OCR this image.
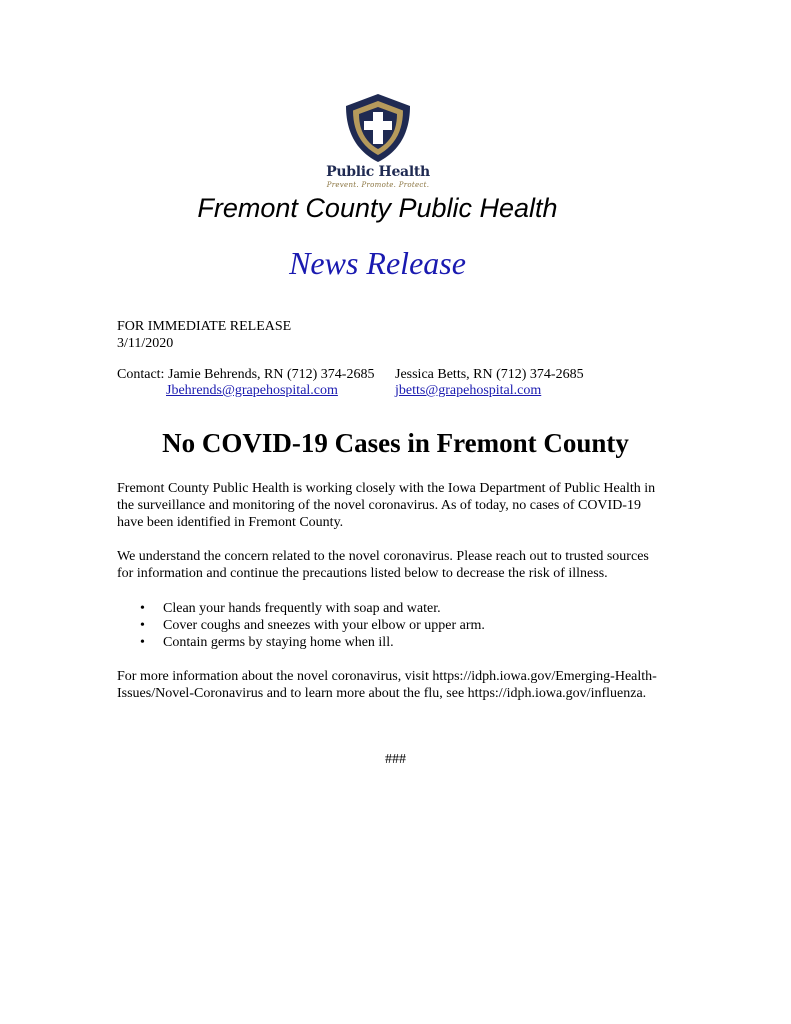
Public Health
Prevent. Promote. Protect.
Fremont County Public Health
News Release
FOR IMMEDIATE RELEASE
3/11/2020
Contact: Jamie Behrends, RN (712) 374-2685 Jessica Betts, RN (712) 374-2685
Jbehrends@grapehospital.com	jbetts@grapehospital.com
No COVID-19 Cases in Fremont County
Fremont County Public Health is working closely with the Iowa Department of Public Health in
the surveillance and monitoring of the novel coronavirus. As of today, no cases of COVID-19
have been identified in Fremont County.
We understand the concern related to the novel coronavirus. Please reach out to trusted sources
for information and continue the precautions listed below to decrease the risk of illness.
• Clean your hands frequently with soap and water.
• Cover coughs and sneezes with your elbow or upper arm.
• Contain germs by staying home when ill.
For more information about the novel coronavirus, visit https://idph.iowa.gov/Emerging-Health-
Issues/Novel-Coronavirus and to learn more about the flu, see https://idph.iowa.gov/influenza.
###
